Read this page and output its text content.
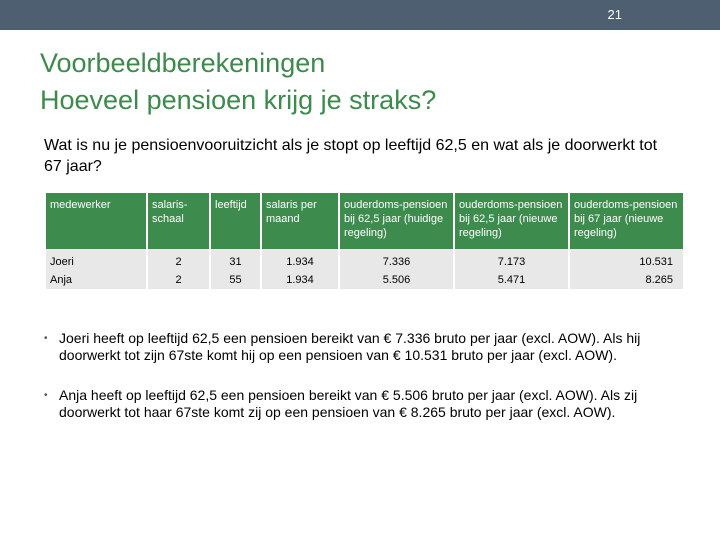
21
Voorbeeldberekeningen
Hoeveel pensioen krijg je straks?
Wat is nu je pensioenvooruitzicht als je stopt op leeftijd 62,5 en wat als je doorwerkt tot 67 jaar?
medewerker	salaris-schaal	leeftijd	salaris per maand	ouderdoms-pensioen bij 62,5 jaar (huidige regeling)	ouderdoms-pensioen bij 62,5 jaar (nieuwe regeling)	ouderdoms-pensioen bij 67 jaar (nieuwe regeling)
Joeri	2	31	1.934	7.336	7.173	10.531
Anja	2	55	1.934	5.506	5.471	8.265
• Joeri heeft op leeftijd 62,5 een pensioen bereikt van € 7.336 bruto per jaar (excl. AOW). Als hij doorwerkt tot zijn 67ste komt hij op een pensioen van € 10.531 bruto per jaar (excl. AOW).
• Anja heeft op leeftijd 62,5 een pensioen bereikt van € 5.506 bruto per jaar (excl. AOW). Als zij doorwerkt tot haar 67ste komt zij op een pensioen van € 8.265 bruto per jaar (excl. AOW).
